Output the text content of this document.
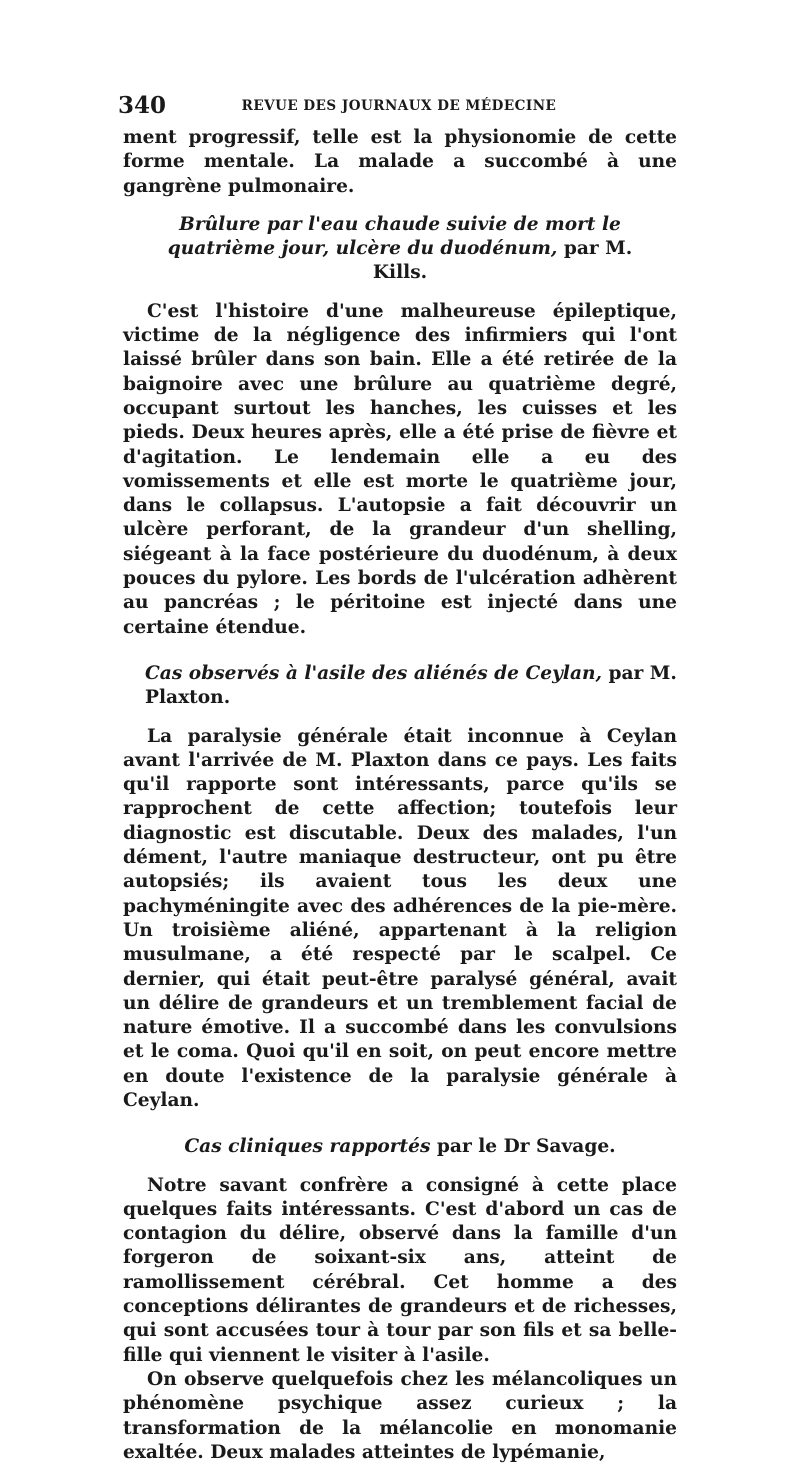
340	REVUE DES JOURNAUX DE MÉDECINE

ment progressif, telle est la physionomie de cette forme mentale. La malade a succombé à une gangrène pulmonaire.

Brûlure par l'eau chaude suivie de mort le quatrième jour, ulcère du duodénum, par M. Kills.

C'est l'histoire d'une malheureuse épileptique, victime de la négligence des infirmiers qui l'ont laissé brûler dans son bain. Elle a été retirée de la baignoire avec une brûlure au quatrième degré, occupant surtout les hanches, les cuisses et les pieds. Deux heures après, elle a été prise de fièvre et d'agitation. Le lendemain elle a eu des vomissements et elle est morte le quatrième jour, dans le collapsus. L'autopsie a fait découvrir un ulcère perforant, de la grandeur d'un shelling, siégeant à la face postérieure du duodénum, à deux pouces du pylore. Les bords de l'ulcération adhèrent au pancréas ; le péritoine est injecté dans une certaine étendue.

Cas observés à l'asile des aliénés de Ceylan, par M. Plaxton.

La paralysie générale était inconnue à Ceylan avant l'arrivée de M. Plaxton dans ce pays. Les faits qu'il rapporte sont intéressants, parce qu'ils se rapprochent de cette affection; toutefois leur diagnostic est discutable. Deux des malades, l'un dément, l'autre maniaque destructeur, ont pu être autopsiés; ils avaient tous les deux une pachyméningite avec des adhérences de la pie-mère. Un troisième aliéné, appartenant à la religion musulmane, a été respecté par le scalpel. Ce dernier, qui était peut-être paralysé général, avait un délire de grandeurs et un tremblement facial de nature émotive. Il a succombé dans les convulsions et le coma. Quoi qu'il en soit, on peut encore mettre en doute l'existence de la paralysie générale à Ceylan.

Cas cliniques rapportés par le Dr Savage.

Notre savant confrère a consigné à cette place quelques faits intéressants. C'est d'abord un cas de contagion du délire, observé dans la famille d'un forgeron de soixant-six ans, atteint de ramollissement cérébral. Cet homme a des conceptions délirantes de grandeurs et de richesses, qui sont accusées tour à tour par son fils et sa belle-fille qui viennent le visiter à l'asile.

On observe quelquefois chez les mélancoliques un phénomène psychique assez curieux ; la transformation de la mélancolie en monomanie exaltée. Deux malades atteintes de lypémanie,
